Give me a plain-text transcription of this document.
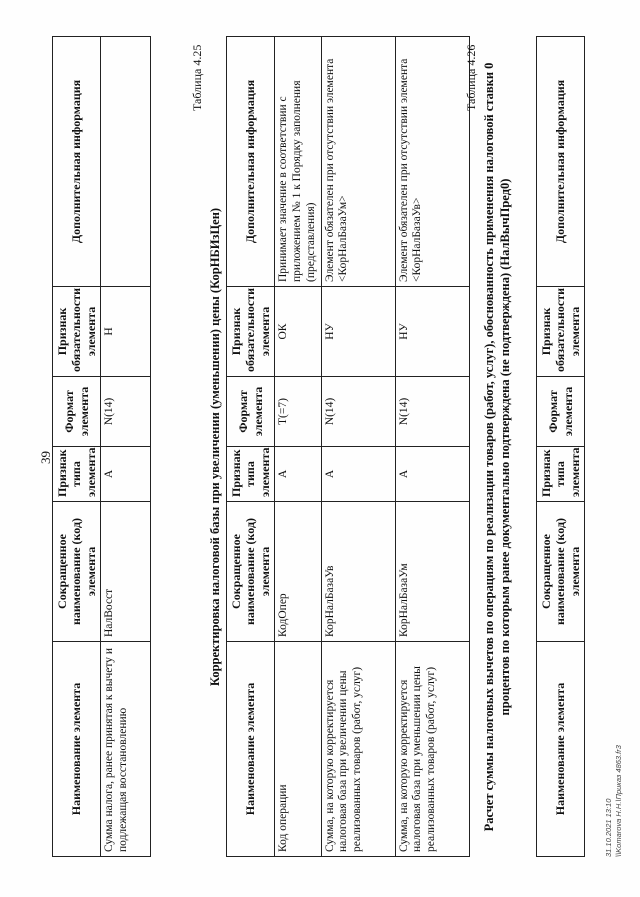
39
Наименование элемента	Сокращенное наименование (код) элемента	Признак типа элемента	Формат элемента	Признак обязательности элемента	Дополнительная информация
Сумма налога, ранее принятая к вычету и подлежащая восстановлению	НалВосст	А	N(14)	Н	
Таблица 4.25
Корректировка налоговой базы при увеличении (уменьшении) цены (КорНБИзЦен)
Наименование элемента	Сокращенное наименование (код) элемента	Признак типа элемента	Формат элемента	Признак обязательности элемента	Дополнительная информация
Код операции	КодОпер	А	Т(=7)	ОК	Принимает значение в соответствии с приложением № 1 к Порядку заполнения (представления)
Сумма, на которую корректируется налоговая база при увеличении цены реализованных товаров (работ, услуг)	КорНалБазаУв	А	N(14)	НУ	Элемент обязателен при отсутствии элемента <КорНалБазаУм>
Сумма, на которую корректируется налоговая база при уменьшении цены реализованных товаров (работ, услуг)	КорНалБазаУм	А	N(14)	НУ	Элемент обязателен при отсутствии элемента <КорНалБазаУв>
Таблица 4.26 Расчет суммы налоговых вычетов по операциям по реализации товаров (работ, услуг), обоснованность применения налоговой ставки 0 процентов по которым ранее документально подтверждена (не подтверждена) (НалВычПред0)
Наименование элемента	Сокращенное наименование (код) элемента	Признак типа элемента	Формат элемента	Признак обязательности элемента	Дополнительная информация
31.10.2021 13:10 \\Komarova H.H.\Приказ 4863.fr3
